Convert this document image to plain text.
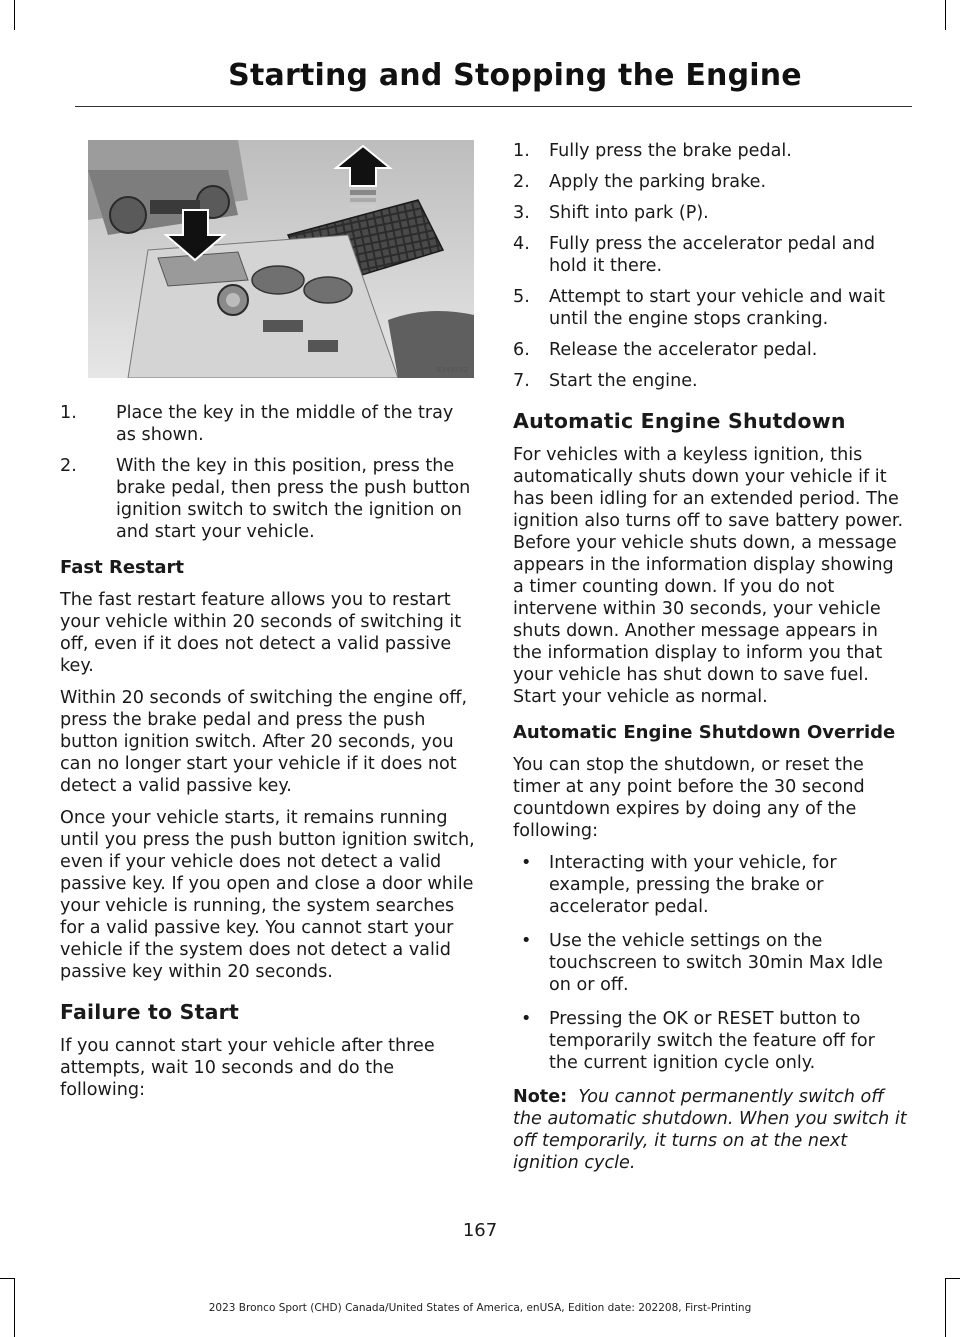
Starting and Stopping the Engine
E344542
1. Place the key in the middle of the tray as shown.
2. With the key in this position, press the brake pedal, then press the push button ignition switch to switch the ignition on and start your vehicle.
Fast Restart

The fast restart feature allows you to restart your vehicle within 20 seconds of switching it off, even if it does not detect a valid passive key.

Within 20 seconds of switching the engine off, press the brake pedal and press the push button ignition switch. After 20 seconds, you can no longer start your vehicle if it does not detect a valid passive key.

Once your vehicle starts, it remains running until you press the push button ignition switch, even if your vehicle does not detect a valid passive key. If you open and close a door while your vehicle is running, the system searches for a valid passive key. You cannot start your vehicle if the system does not detect a valid passive key within 20 seconds.

Failure to Start

If you cannot start your vehicle after three attempts, wait 10 seconds and do the following:

1. Fully press the brake pedal.
2. Apply the parking brake.
3. Shift into park (P).
4. Fully press the accelerator pedal and hold it there.
5. Attempt to start your vehicle and wait until the engine stops cranking.
6. Release the accelerator pedal.
7. Start the engine.
Automatic Engine Shutdown

For vehicles with a keyless ignition, this automatically shuts down your vehicle if it has been idling for an extended period. The ignition also turns off to save battery power. Before your vehicle shuts down, a message appears in the information display showing a timer counting down. If you do not intervene within 30 seconds, your vehicle shuts down. Another message appears in the information display to inform you that your vehicle has shut down to save fuel. Start your vehicle as normal.

Automatic Engine Shutdown Override

You can stop the shutdown, or reset the timer at any point before the 30 second countdown expires by doing any of the following:

• Interacting with your vehicle, for example, pressing the brake or accelerator pedal.
• Use the vehicle settings on the touchscreen to switch 30min Max Idle on or off.
• Pressing the OK or RESET button to temporarily switch the feature off for the current ignition cycle only.

Note: You cannot permanently switch off the automatic shutdown. When you switch it off temporarily, it turns on at the next ignition cycle.

167
2023 Bronco Sport (CHD) Canada/United States of America, enUSA, Edition date: 202208, First-Printing
